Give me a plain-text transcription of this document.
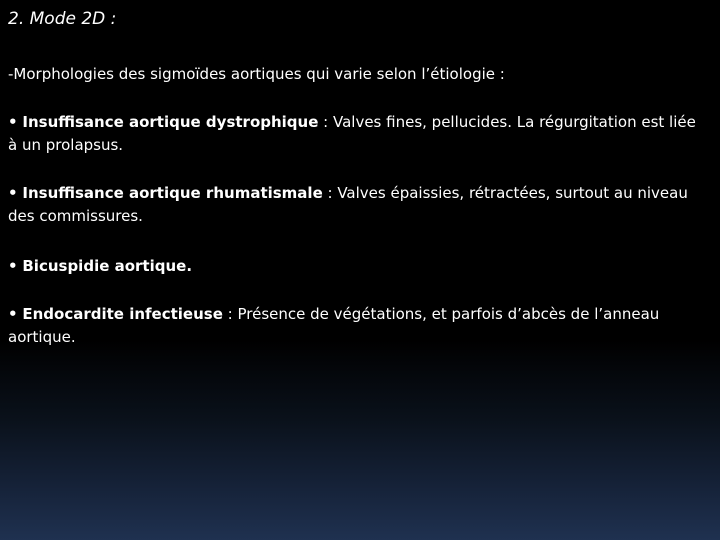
2. Mode 2D :
-Morphologies des sigmoïdes aortiques qui varie selon l’étiologie :
• Insuffisance aortique dystrophique : Valves fines, pellucides. La régurgitation est liée à un prolapsus.
• Insuffisance aortique rhumatismale : Valves épaissies, rétractées, surtout au niveau des commissures.
• Bicuspidie aortique.
• Endocardite infectieuse : Présence de végétations, et parfois d’abcès de l’anneau aortique.
